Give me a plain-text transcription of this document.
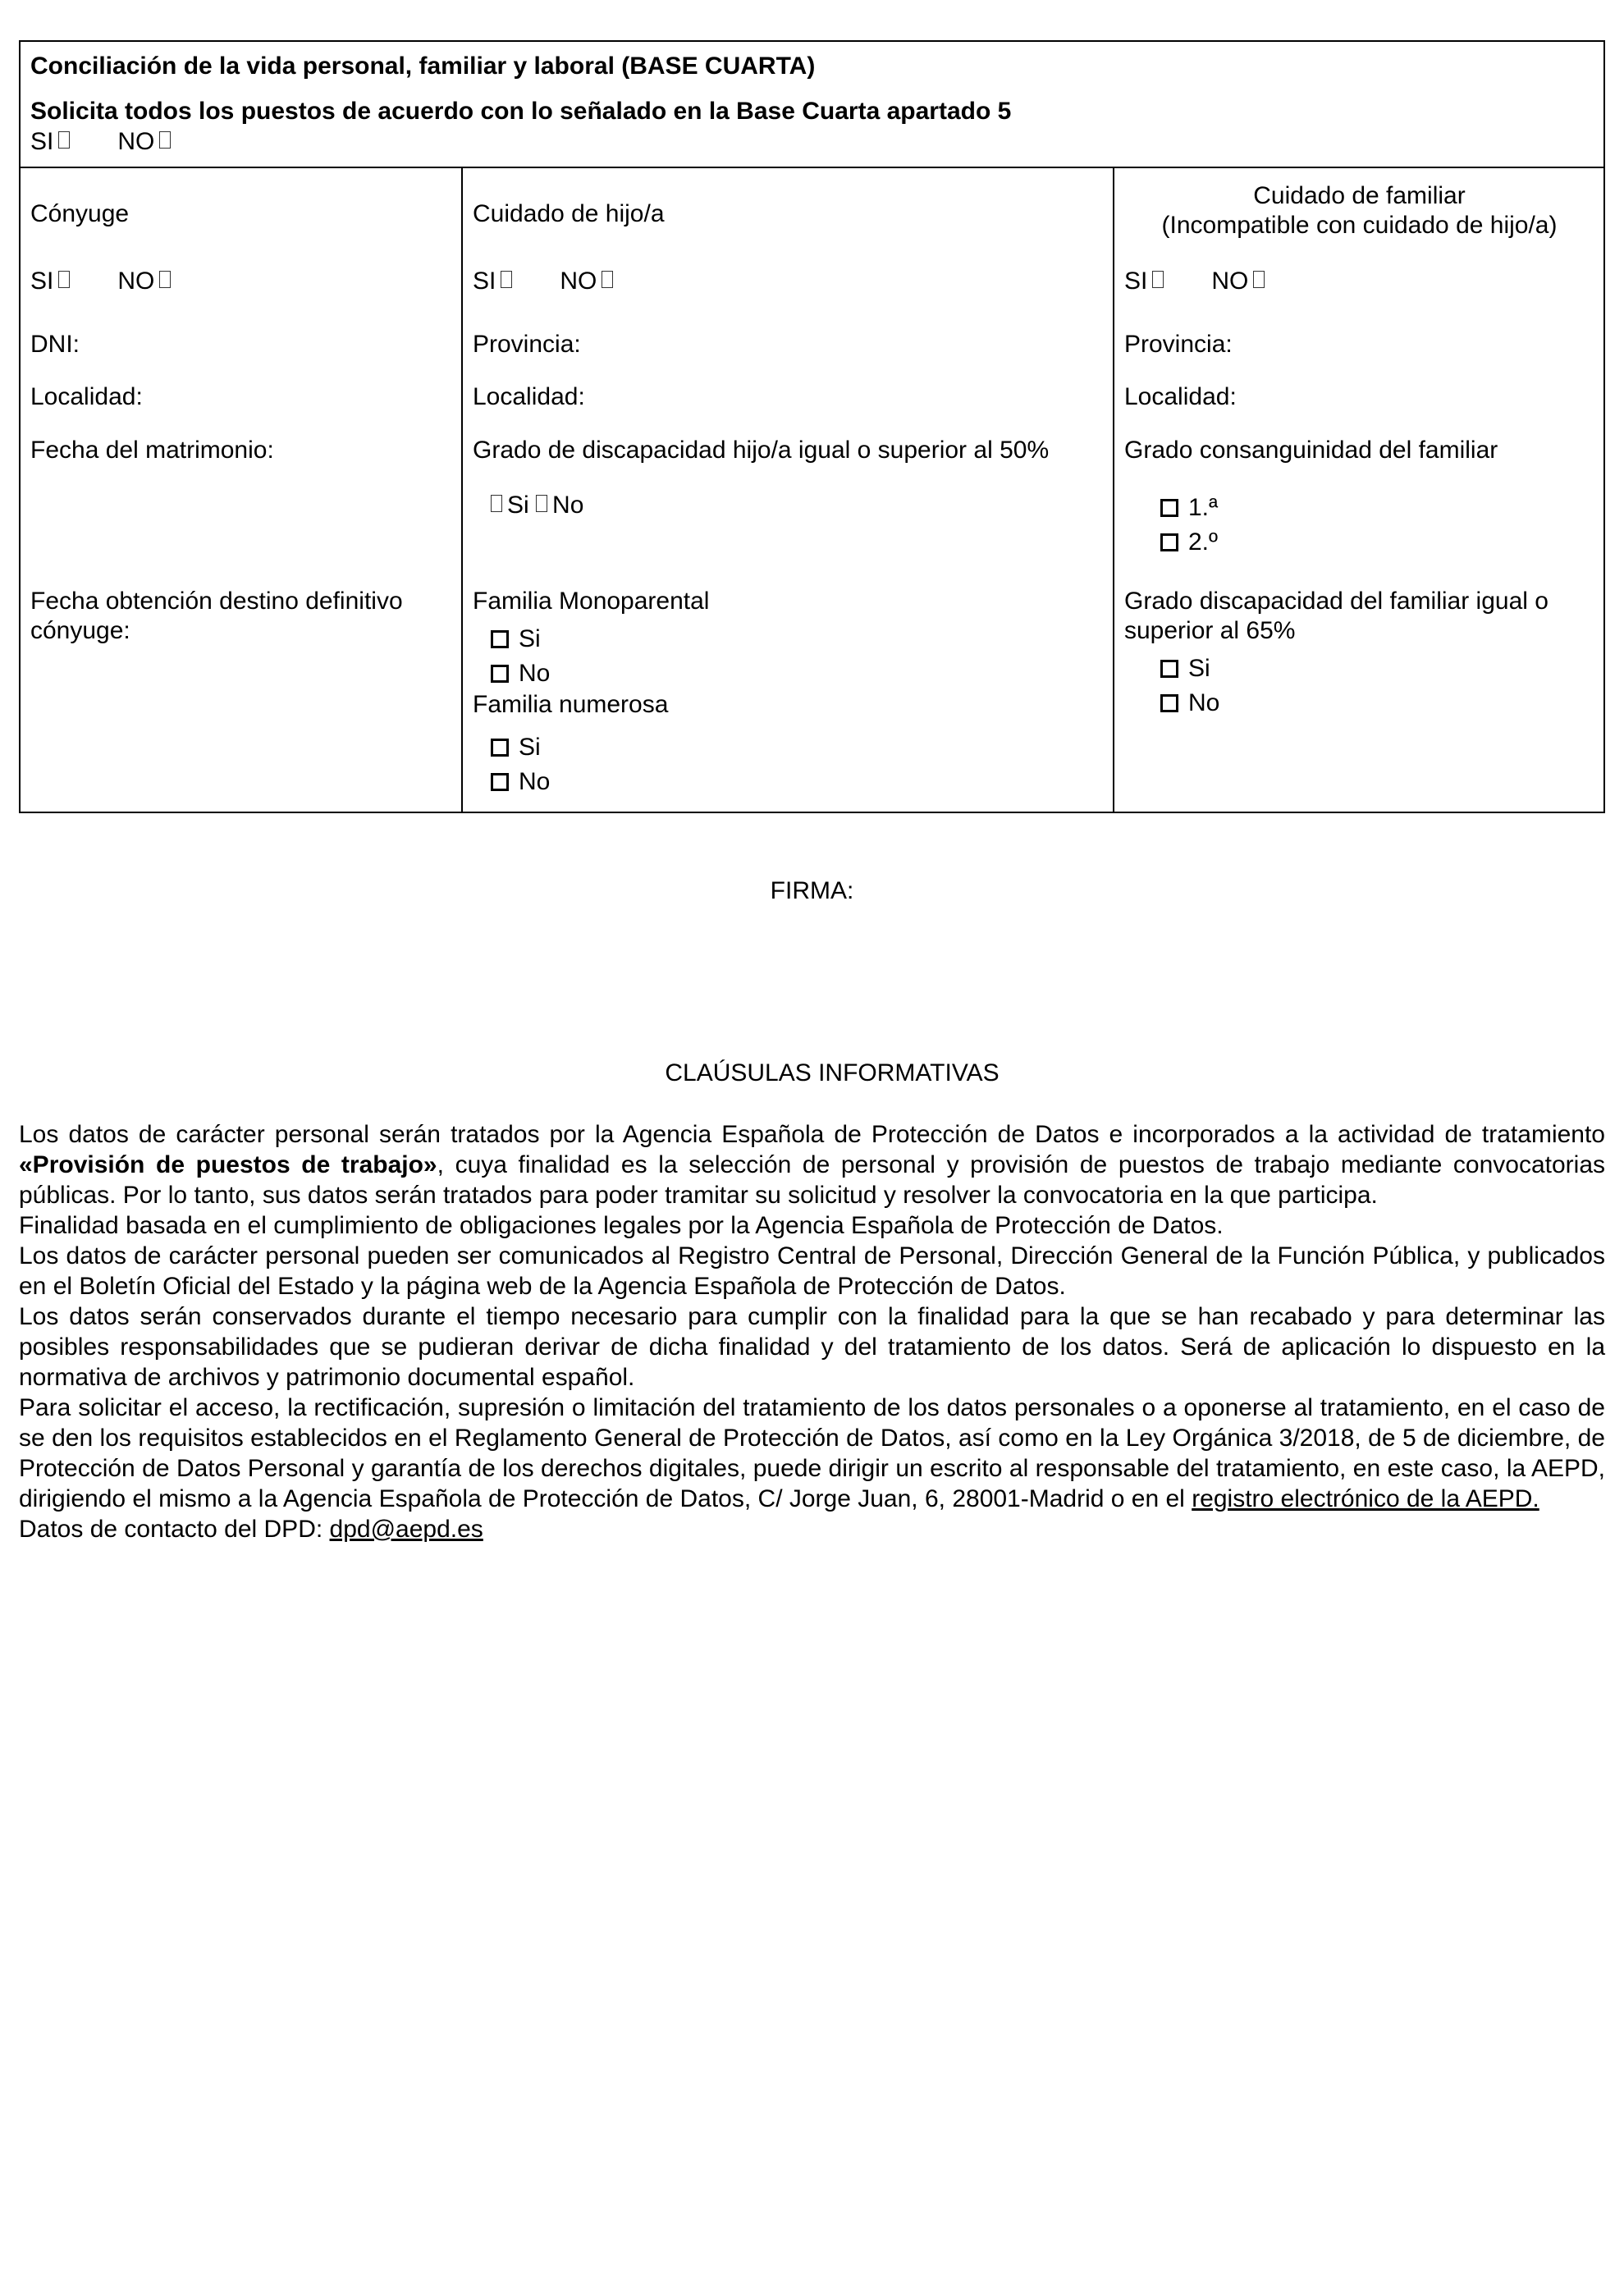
Conciliación de la vida personal, familiar y laboral (BASE CUARTA)
Solicita todos los puestos de acuerdo con lo señalado en la Base Cuarta apartado 5
SI	NO
Cónyuge
SI	NO
DNI:
Localidad:
Fecha del matrimonio:
Fecha obtención destino definitivo
cónyuge:
Cuidado de hijo/a
SI	NO
Provincia:
Localidad:
Grado de discapacidad hijo/a igual o superior al 50%
Si No
Familia Monoparental
Si
No
Familia numerosa
Si
No
Cuidado de familiar
(Incompatible con cuidado de hijo/a)
SI	NO
Provincia:
Localidad:
Grado consanguinidad del familiar
1.ª
2.º
Grado discapacidad del familiar igual o
superior al 65%
Si
No
FIRMA:
CLAÚSULAS INFORMATIVAS

Los datos de carácter personal serán tratados por la Agencia Española de Protección de Datos e incorporados a la actividad de tratamiento «Provisión de puestos de trabajo», cuya finalidad es la selección de personal y provisión de puestos de trabajo mediante convocatorias públicas. Por lo tanto, sus datos serán tratados para poder tramitar su solicitud y resolver la convocatoria en la que participa.

Finalidad basada en el cumplimiento de obligaciones legales por la Agencia Española de Protección de Datos.

Los datos de carácter personal pueden ser comunicados al Registro Central de Personal, Dirección General de la Función Pública, y publicados en el Boletín Oficial del Estado y la página web de la Agencia Española de Protección de Datos.

Los datos serán conservados durante el tiempo necesario para cumplir con la finalidad para la que se han recabado y para determinar las posibles responsabilidades que se pudieran derivar de dicha finalidad y del tratamiento de los datos. Será de aplicación lo dispuesto en la normativa de archivos y patrimonio documental español.

Para solicitar el acceso, la rectificación, supresión o limitación del tratamiento de los datos personales o a oponerse al tratamiento, en el caso de se den los requisitos establecidos en el Reglamento General de Protección de Datos, así como en la Ley Orgánica 3/2018, de 5 de diciembre, de Protección de Datos Personal y garantía de los derechos digitales, puede dirigir un escrito al responsable del tratamiento, en este caso, la AEPD, dirigiendo el mismo a la Agencia Española de Protección de Datos, C/ Jorge Juan, 6, 28001-Madrid o en el registro electrónico de la AEPD.

Datos de contacto del DPD: dpd@aepd.es
